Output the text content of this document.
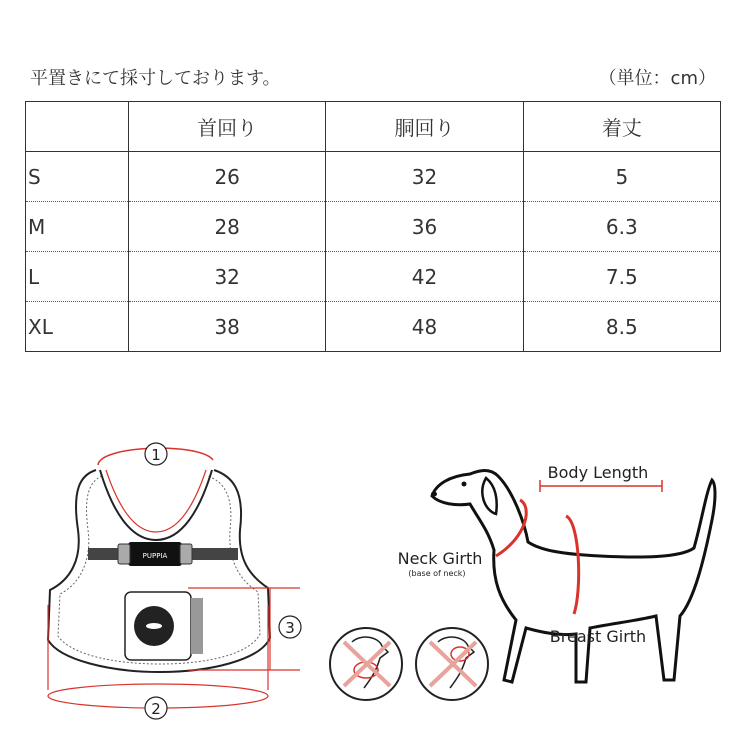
平置きにて採寸しております。	（単位：cm）
	首回り	胴回り	着丈
S	26	32	5
M	28	36	6.3
L	32	42	7.5
XL	38	48	8.5
1
PUPPIA
3
2
Body Length
Neck Girth
(base of neck)
Breast Girth
